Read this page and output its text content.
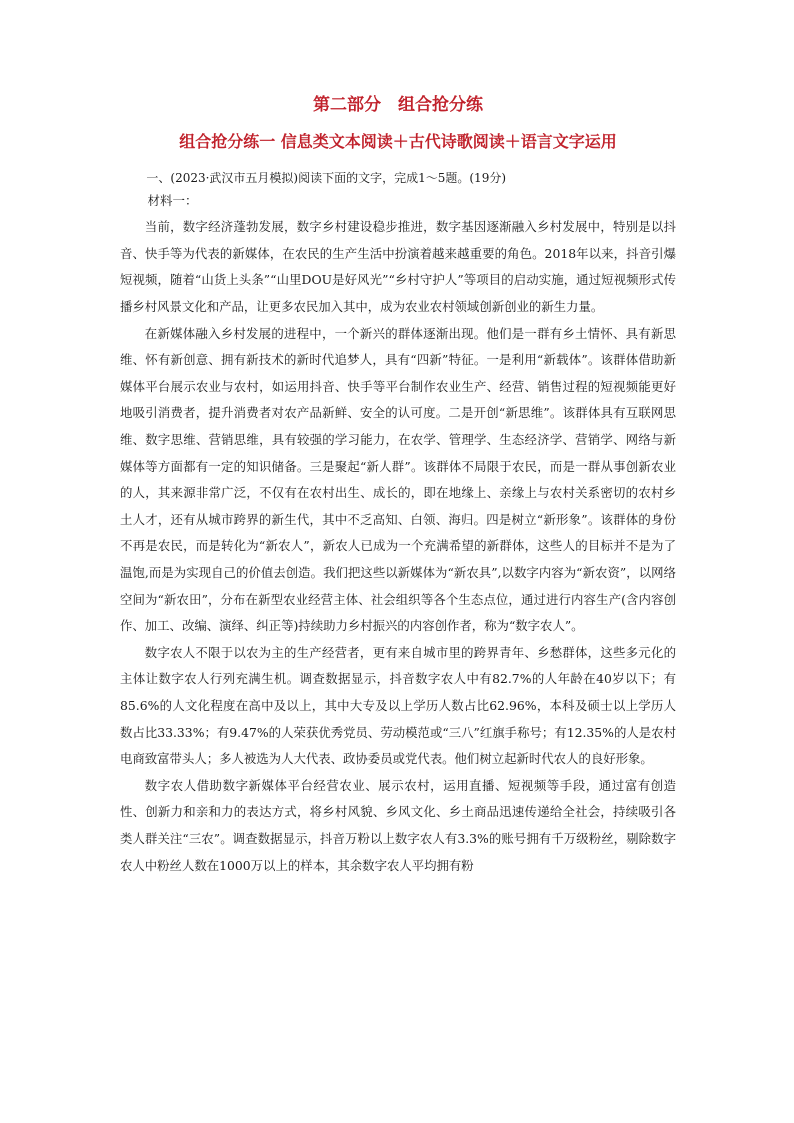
第二部分　组合抢分练
组合抢分练一 信息类文本阅读＋古代诗歌阅读＋语言文字运用
一、(2023·武汉市五月模拟)阅读下面的文字，完成1～5题。(19分)
材料一：

当前，数字经济蓬勃发展，数字乡村建设稳步推进，数字基因逐渐融入乡村发展中，特别是以抖音、快手等为代表的新媒体，在农民的生产生活中扮演着越来越重要的角色。2018年以来，抖音引爆短视频，随着“山货上头条”“山里DOU是好风光”“乡村守护人”等项目的启动实施，通过短视频形式传播乡村风景文化和产品，让更多农民加入其中，成为农业农村领域创新创业的新生力量。

在新媒体融入乡村发展的进程中，一个新兴的群体逐渐出现。他们是一群有乡土情怀、具有新思维、怀有新创意、拥有新技术的新时代追梦人，具有“四新”特征。一是利用“新载体”。该群体借助新媒体平台展示农业与农村，如运用抖音、快手等平台制作农业生产、经营、销售过程的短视频能更好地吸引消费者，提升消费者对农产品新鲜、安全的认可度。二是开创“新思维”。该群体具有互联网思维、数字思维、营销思维，具有较强的学习能力，在农学、管理学、生态经济学、营销学、网络与新媒体等方面都有一定的知识储备。三是聚起“新人群”。该群体不局限于农民，而是一群从事创新农业的人，其来源非常广泛，不仅有在农村出生、成长的，即在地缘上、亲缘上与农村关系密切的农村乡土人才，还有从城市跨界的新生代，其中不乏高知、白领、海归。四是树立“新形象”。该群体的身份不再是农民，而是转化为“新农人”，新农人已成为一个充满希望的新群体，这些人的目标并不是为了温饱,而是为实现自己的价值去创造。我们把这些以新媒体为“新农具”,以数字内容为“新农资”，以网络空间为“新农田”，分布在新型农业经营主体、社会组织等各个生态点位，通过进行内容生产(含内容创作、加工、改编、演绎、纠正等)持续助力乡村振兴的内容创作者，称为“数字农人”。

数字农人不限于以农为主的生产经营者，更有来自城市里的跨界青年、乡愁群体，这些多元化的主体让数字农人行列充满生机。调查数据显示，抖音数字农人中有82.7%的人年龄在40岁以下；有85.6%的人文化程度在高中及以上，其中大专及以上学历人数占比62.96%，本科及硕士以上学历人数占比33.33%；有9.47%的人荣获优秀党员、劳动模范或“三八”红旗手称号；有12.35%的人是农村电商致富带头人；多人被选为人大代表、政协委员或党代表。他们树立起新时代农人的良好形象。

数字农人借助数字新媒体平台经营农业、展示农村，运用直播、短视频等手段，通过富有创造性、创新力和亲和力的表达方式，将乡村风貌、乡风文化、乡土商品迅速传递给全社会，持续吸引各类人群关注“三农”。调查数据显示，抖音万粉以上数字农人有3.3%的账号拥有千万级粉丝，剔除数字农人中粉丝人数在1000万以上的样本，其余数字农人平均拥有粉
